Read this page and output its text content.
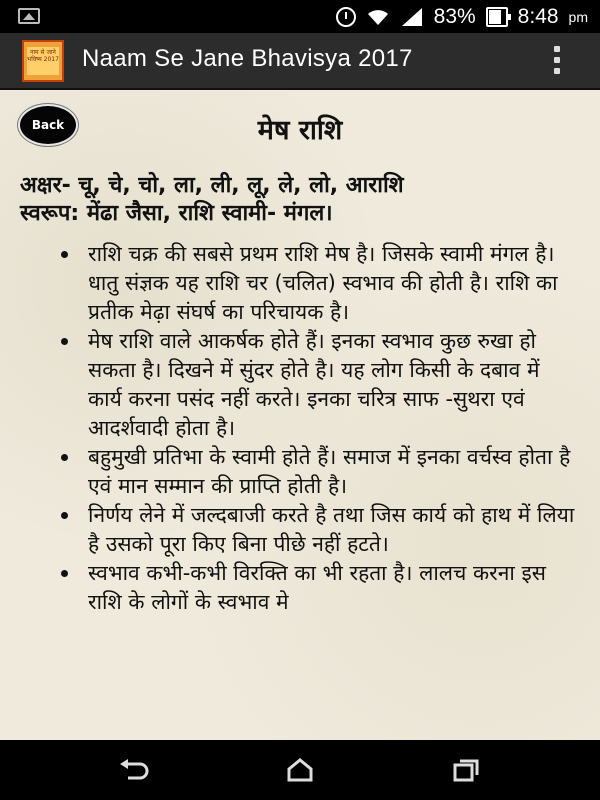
83% 8:48 pm
नाम से जाने भविष्य 2017 Naam Se Jane Bhavisya 2017
Back	मेष राशि
अक्षर- चू, चे, चो, ला, ली, लू, ले, लो, आराशि
स्वरूप: मेंढा जैसा, राशि स्वामी- मंगल।
राशि चक्र की सबसे प्रथम राशि मेष है। जिसके स्वामी मंगल है। धातु संज्ञक यह राशि चर (चलित) स्वभाव की होती है। राशि का प्रतीक मेढ़ा संघर्ष का परिचायक है।
मेष राशि वाले आकर्षक होते हैं। इनका स्वभाव कुछ रुखा हो सकता है। दिखने में सुंदर होते है। यह लोग किसी के दबाव में कार्य करना पसंद नहीं करते। इनका चरित्र साफ -सुथरा एवं आदर्शवादी होता है।
बहुमुखी प्रतिभा के स्वामी होते हैं। समाज में इनका वर्चस्व होता है एवं मान सम्मान की प्राप्ति होती है।
निर्णय लेने में जल्दबाजी करते है तथा जिस कार्य को हाथ में लिया है उसको पूरा किए बिना पीछे नहीं हटते।
स्वभाव कभी-कभी विरक्ति का भी रहता है। लालच करना इस राशि के लोगों के स्वभाव मे
